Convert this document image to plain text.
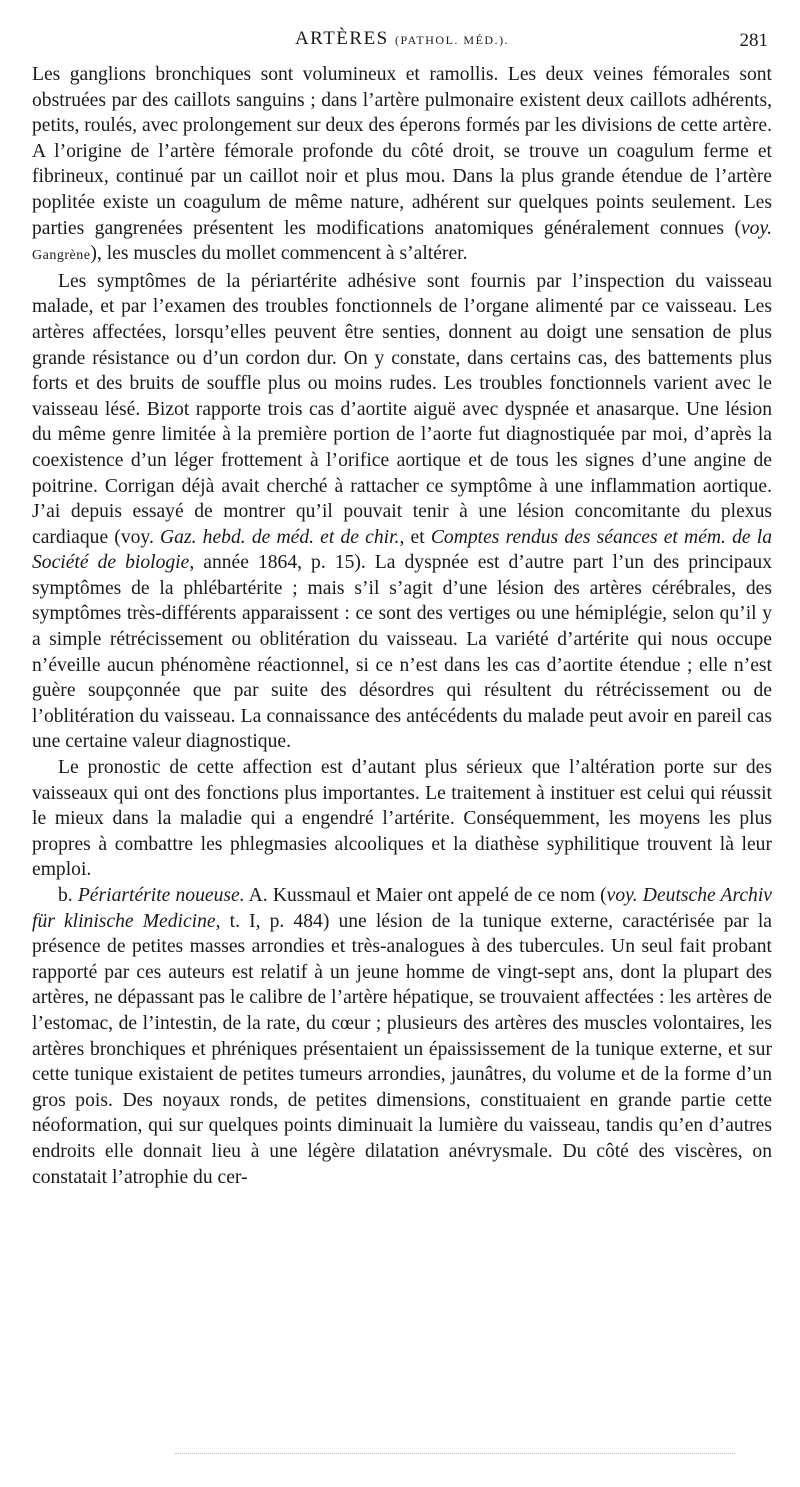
ARTÈRES (PATHOL. MÉD.).	281

Les ganglions bronchiques sont volumineux et ramollis. Les deux veines fémorales sont obstruées par des caillots sanguins ; dans l’artère pulmonaire existent deux caillots adhérents, petits, roulés, avec prolongement sur deux des éperons formés par les divisions de cette artère. A l’origine de l’artère fémorale profonde du côté droit, se trouve un coagulum ferme et fibrineux, continué par un caillot noir et plus mou. Dans la plus grande étendue de l’artère poplitée existe un coagulum de même nature, adhérent sur quelques points seulement. Les parties gangrenées présentent les modifications anatomiques généralement connues (voy. Gangrène), les muscles du mollet commencent à s’altérer.

Les symptômes de la périartérite adhésive sont fournis par l’inspection du vaisseau malade, et par l’examen des troubles fonctionnels de l’organe alimenté par ce vaisseau. Les artères affectées, lorsqu’elles peuvent être senties, donnent au doigt une sensation de plus grande résistance ou d’un cordon dur. On y constate, dans certains cas, des battements plus forts et des bruits de souffle plus ou moins rudes. Les troubles fonctionnels varient avec le vaisseau lésé. Bizot rapporte trois cas d’aortite aiguë avec dyspnée et anasarque. Une lésion du même genre limitée à la première portion de l’aorte fut diagnostiquée par moi, d’après la coexistence d’un léger frottement à l’orifice aortique et de tous les signes d’une angine de poitrine. Corrigan déjà avait cherché à rattacher ce symptôme à une inflammation aortique. J’ai depuis essayé de montrer qu’il pouvait tenir à une lésion concomitante du plexus cardiaque (voy. Gaz. hebd. de méd. et de chir., et Comptes rendus des séances et mém. de la Société de biologie, année 1864, p. 15). La dyspnée est d’autre part l’un des principaux symptômes de la phlébartérite ; mais s’il s’agit d’une lésion des artères cérébrales, des symptômes très-différents apparaissent : ce sont des vertiges ou une hémiplégie, selon qu’il y a simple rétrécissement ou oblitération du vaisseau. La variété d’artérite qui nous occupe n’éveille aucun phénomène réactionnel, si ce n’est dans les cas d’aortite étendue ; elle n’est guère soupçonnée que par suite des désordres qui résultent du rétrécissement ou de l’oblitération du vaisseau. La connaissance des antécédents du malade peut avoir en pareil cas une certaine valeur diagnostique.

Le pronostic de cette affection est d’autant plus sérieux que l’altération porte sur des vaisseaux qui ont des fonctions plus importantes. Le traitement à instituer est celui qui réussit le mieux dans la maladie qui a engendré l’artérite. Conséquemment, les moyens les plus propres à combattre les phlegmasies alcooliques et la diathèse syphilitique trouvent là leur emploi.

b. Périartérite noueuse. A. Kussmaul et Maier ont appelé de ce nom (voy. Deutsche Archiv für klinische Medicine, t. I, p. 484) une lésion de la tunique externe, caractérisée par la présence de petites masses arrondies et très-analogues à des tubercules. Un seul fait probant rapporté par ces auteurs est relatif à un jeune homme de vingt-sept ans, dont la plupart des artères, ne dépassant pas le calibre de l’artère hépatique, se trouvaient affectées : les artères de l’estomac, de l’intestin, de la rate, du cœur ; plusieurs des artères des muscles volontaires, les artères bronchiques et phréniques présentaient un épaississement de la tunique externe, et sur cette tunique existaient de petites tumeurs arrondies, jaunâtres, du volume et de la forme d’un gros pois. Des noyaux ronds, de petites dimensions, constituaient en grande partie cette néoformation, qui sur quelques points diminuait la lumière du vaisseau, tandis qu’en d’autres endroits elle donnait lieu à une légère dilatation anévrysmale. Du côté des viscères, on constatait l’atrophie du cer-
